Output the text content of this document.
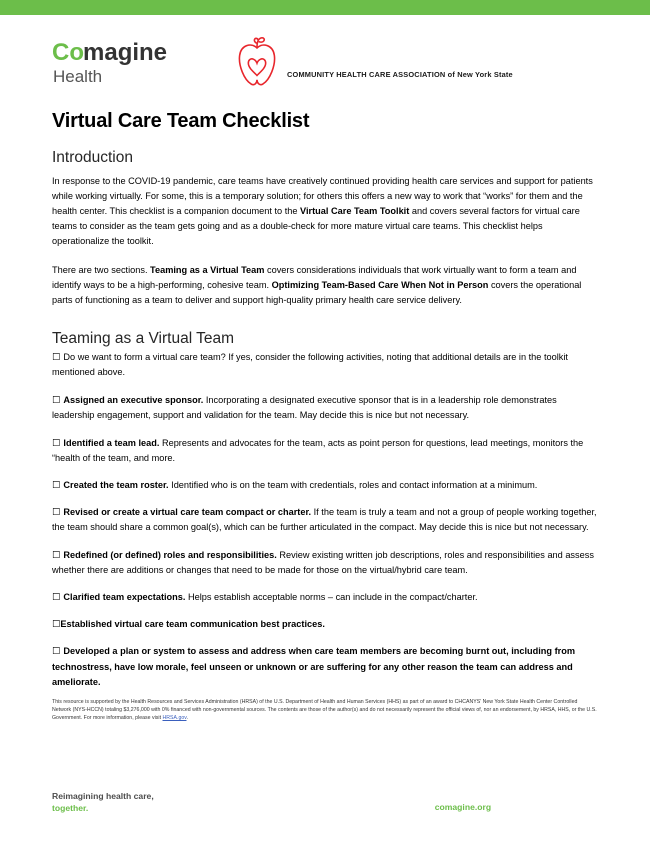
Co magine
Health	COMMUNITY HEALTH CARE ASSOCIATION of New York State
Virtual Care Team Checklist
Introduction

In response to the COVID-19 pandemic, care teams have creatively continued providing health care services and support for patients while working virtually. For some, this is a temporary solution; for others this offers a new way to work that “works” for them and the health center. This checklist is a companion document to the Virtual Care Team Toolkit and covers several factors for virtual care teams to consider as the team gets going and as a double-check for more mature virtual care teams. This checklist helps operationalize the toolkit.

There are two sections. Teaming as a Virtual Team covers considerations individuals that work virtually want to form a team and identify ways to be a high-performing, cohesive team. Optimizing Team-Based Care When Not in Person covers the operational parts of functioning as a team to deliver and support high-quality primary health care service delivery.

Teaming as a Virtual Team
☐ Do we want to form a virtual care team? If yes, consider the following activities, noting that additional details are in the toolkit mentioned above.
☐ Assigned an executive sponsor. Incorporating a designated executive sponsor that is in a leadership role demonstrates leadership engagement, support and validation for the team. May decide this is nice but not necessary.
☐ Identified a team lead. Represents and advocates for the team, acts as point person for questions, lead meetings, monitors the “health of the team, and more.
☐ Created the team roster. Identified who is on the team with credentials, roles and contact information at a minimum.
☐ Revised or create a virtual care team compact or charter. If the team is truly a team and not a group of people working together, the team should share a common goal(s), which can be further articulated in the compact. May decide this is nice but not necessary.
☐ Redefined (or defined) roles and responsibilities. Review existing written job descriptions, roles and responsibilities and assess whether there are additions or changes that need to be made for those on the virtual/hybrid care team.
☐ Clarified team expectations. Helps establish acceptable norms – can include in the compact/charter.
☐Established virtual care team communication best practices.
☐ Developed a plan or system to assess and address when care team members are becoming burnt out, including from technostress, have low morale, feel unseen or unknown or are suffering for any other reason the team can address and ameliorate.

This resource is supported by the Health Resources and Services Administration (HRSA) of the U.S. Department of Health and Human Services (HHS) as part of an award to CHCANYS’ New York State Health Center Controlled Network (NYS-HCCN) totaling $3,276,000 with 0% financed with non-governmental sources. The contents are those of the author(s) and do not necessarily represent the official views of, nor an endorsement, by HRSA, HHS, or the U.S. Government. For more information, please visit HRSA.gov.

Reimagining health care,
together.	comagine.org
